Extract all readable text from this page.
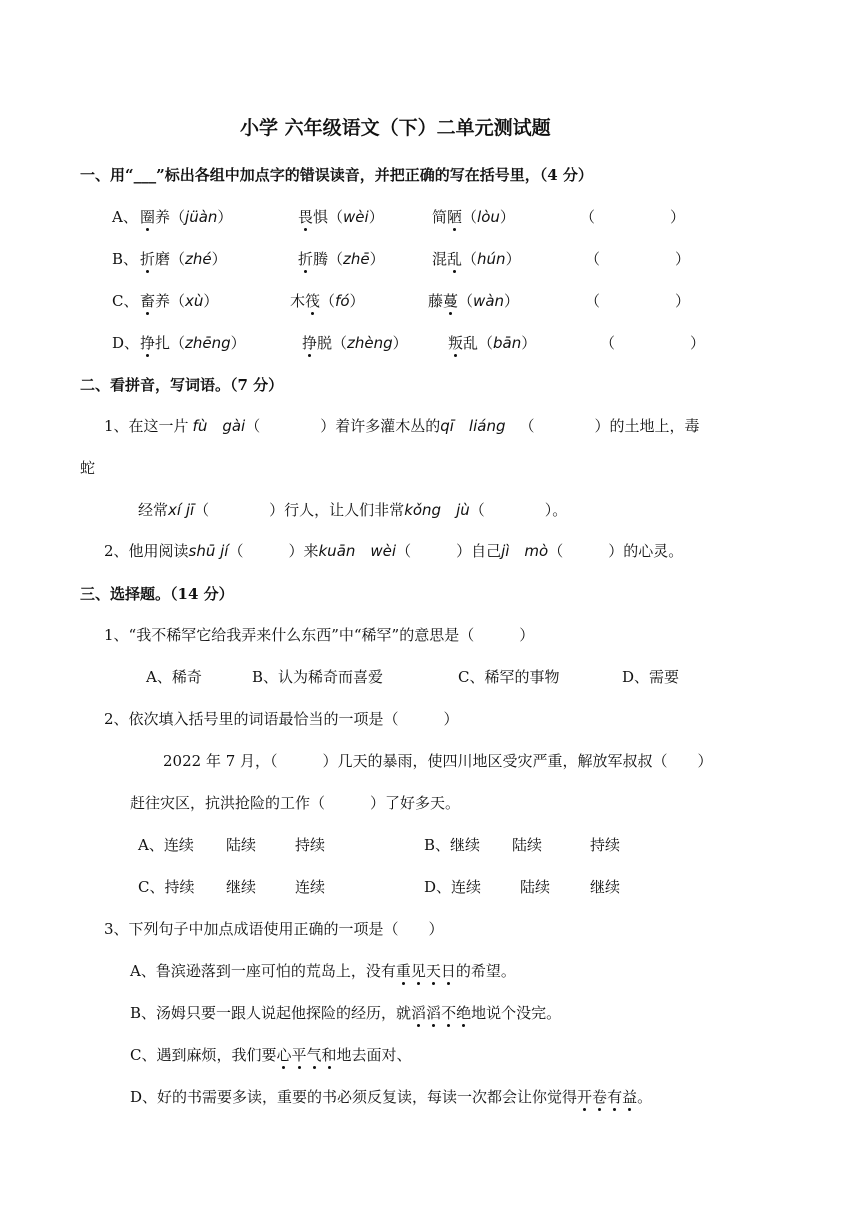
小学 六年级语文（下）二单元测试题
一、用“___”标出各组中加点字的错误读音，并把正确的写在括号里，（4 分）
A、 圈养（jüàn）	畏惧（wèi）	简陋（lòu）	（　　　　　）
B、 折磨（zhé）	折腾（zhē）	混乱（hún）	（　　　　　）
C、 畜养（xù）	木筏（fó）	藤蔓（wàn）	（　　　　　）
D、 挣扎（zhēng）	挣脱（zhèng）	叛乱（bān）	（　　　　　）
二、看拼音，写词语。（7 分）
1、在这一片 fù　gài（　　　　）着许多灌木丛的qī　liáng （　　　　）的土地上，毒
蛇
经常xí jī（　　　　）行人，让人们非常kǒng　jù（　　　　）。
2、他用阅读shū jí（　　　）来kuān　wèi（　　　）自己jì　mò（　　　）的心灵。
三、选择题。（14 分）
1、“我不稀罕它给我弄来什么东西”中“稀罕”的意思是（　　　）
A、稀奇	B、认为稀奇而喜爱	C、稀罕的事物	D、需要
2、依次填入括号里的词语最恰当的一项是（　　　）
2022 年 7 月，（　　　）几天的暴雨，使四川地区受灾严重，解放军叔叔（　　）
赶往灾区，抗洪抢险的工作（　　　）了好多天。
A、连续 陆续	持续	B、继续 陆续	持续
C、持续 继续	连续	D、连续	陆续	继续
3、下列句子中加点成语使用正确的一项是（　　）
A、鲁滨逊落到一座可怕的荒岛上，没有重见天日的希望。
B、汤姆只要一跟人说起他探险的经历，就滔滔不绝地说个没完。
C、遇到麻烦，我们要心平气和地去面对、
D、好的书需要多读，重要的书必须反复读，每读一次都会让你觉得开卷有益。
